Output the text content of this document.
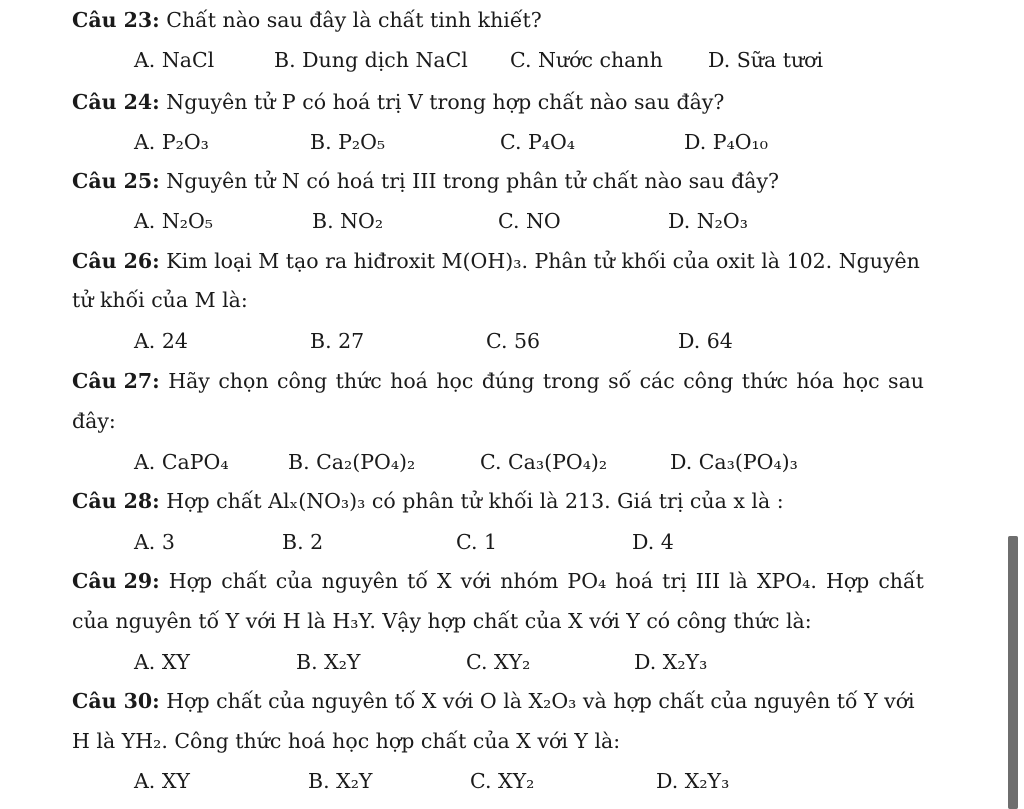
Câu 23: Chất nào sau đây là chất tinh khiết?
A. NaCl	B. Dung dịch NaCl C. Nước chanh D. Sữa tươi
Câu 24: Nguyên tử P có hoá trị V trong hợp chất nào sau đây?
A. P₂O₃	B. P₂O₅	C. P₄O₄	D. P₄O₁₀
Câu 25: Nguyên tử N có hoá trị III trong phân tử chất nào sau đây?
A. N₂O₅	B. NO₂	C. NO	D. N₂O₃
Câu 26: Kim loại M tạo ra hiđroxit M(OH)₃. Phân tử khối của oxit là 102. Nguyên
tử khối của M là:
A. 24	B. 27	C. 56	D. 64
Câu 27: Hãy chọn công thức hoá học đúng trong số các công thức hóa học sau
đây:
A. CaPO₄	B. Ca₂(PO₄)₂	C. Ca₃(PO₄)₂	D. Ca₃(PO₄)₃
Câu 28: Hợp chất Alₓ(NO₃)₃ có phân tử khối là 213. Giá trị của x là :
A. 3	B. 2	C. 1	D. 4
Câu 29: Hợp chất của nguyên tố X với nhóm PO₄ hoá trị III là XPO₄. Hợp chất
của nguyên tố Y với H là H₃Y. Vậy hợp chất của X với Y có công thức là:
A. XY	B. X₂Y	C. XY₂	D. X₂Y₃
Câu 30: Hợp chất của nguyên tố X với O là X₂O₃ và hợp chất của nguyên tố Y với
H là YH₂. Công thức hoá học hợp chất của X với Y là:
A. XY	B. X₂Y	C. XY₂	D. X₂Y₃
